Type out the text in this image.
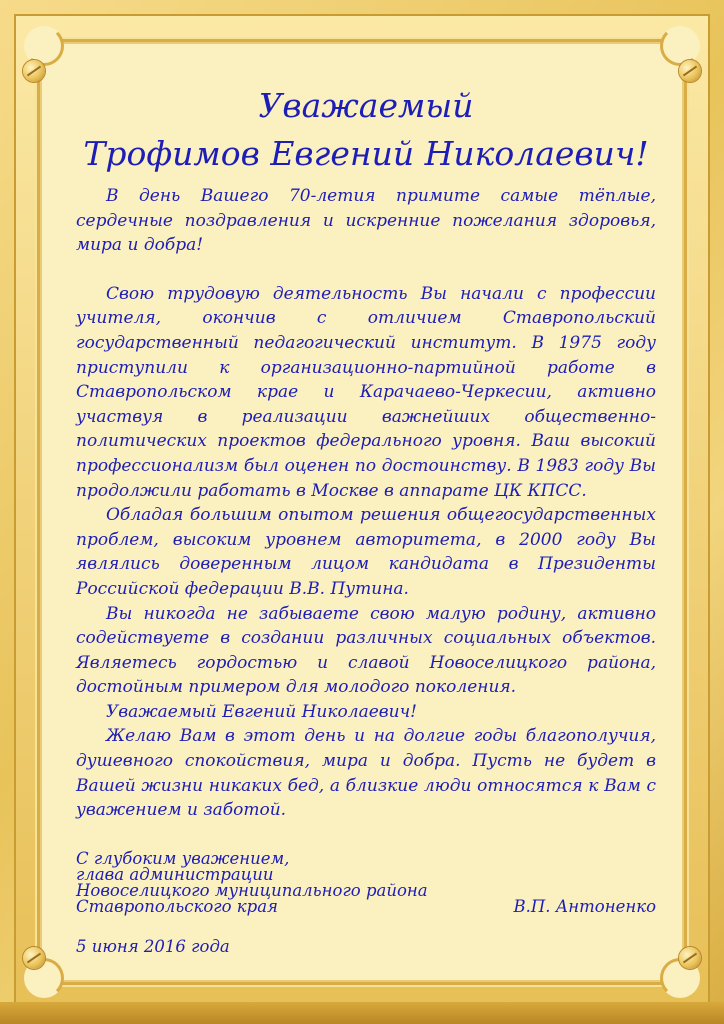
Уважаемый
Трофимов Евгений Николаевич!

В день Вашего 70-летия примите самые тёплые, сердечные поздравления и искренние пожелания здоровья, мира и добра!

Свою трудовую деятельность Вы начали с профессии учителя, окончив с отличием Ставропольский государственный педагогический институт. В 1975 году приступили к организационно-партийной работе в Ставропольском крае и Карачаево-Черкесии, активно участвуя в реализации важнейших общественно-политических проектов федерального уровня. Ваш высокий профессионализм был оценен по достоинству. В 1983 году Вы продолжили работать в Москве в аппарате ЦК КПСС.

Обладая большим опытом решения общегосударственных проблем, высоким уровнем авторитета, в 2000 году Вы являлись доверенным лицом кандидата в Президенты Российской федерации В.В. Путина.

Вы никогда не забываете свою малую родину, активно содействуете в создании различных социальных объектов. Являетесь гордостью и славой Новоселицкого района, достойным примером для молодого поколения.

Уважаемый Евгений Николаевич!

Желаю Вам в этот день и на долгие годы благополучия, душевного спокойствия, мира и добра. Пусть не будет в Вашей жизни никаких бед, а близкие люди относятся к Вам с уважением и заботой.

С глубоким уважением,
глава администрации
Новоселицкого муниципального района
Ставропольского края	В.П. Антоненко
5 июня 2016 года
